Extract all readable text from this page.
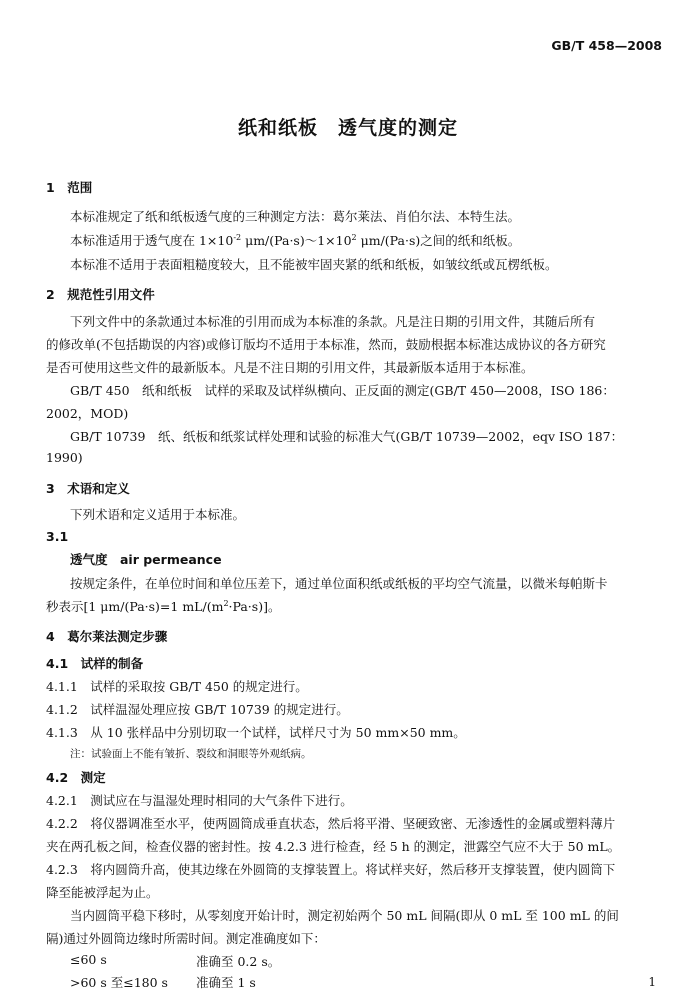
GB/T 458—2008
纸和纸板　透气度的测定
1　范围
本标准规定了纸和纸板透气度的三种测定方法：葛尔莱法、肖伯尔法、本特生法。
本标准适用于透气度在 $1\times 10^{-2}$ $\mu m/(Pa\cdot s)\sim 1\times 10^2$ μm/(Pa·s)之间的纸和纸板。
本标准不适用于表面粗糙度较大，且不能被牢固夹紧的纸和纸板，如皱纹纸或瓦楞纸板。
2　规范性引用文件
下列文件中的条款通过本标准的引用而成为本标准的条款。凡是注日期的引用文件，其随后所有
的修改单(不包括勘误的内容)或修订版均不适用于本标准，然而，鼓励根据本标准达成协议的各方研究
是否可使用这些文件的最新版本。凡是不注日期的引用文件，其最新版本适用于本标准。
GB/T 450　纸和纸板　试样的采取及试样纵横向、正反面的测定(GB/T 450—2008，ISO 186：
2002，MOD)
GB/T 10739　纸、纸板和纸浆试样处理和试验的标准大气(GB/T 10739—2002，eqv ISO 187：
1990)
3　术语和定义
下列术语和定义适用于本标准。
3.1
透气度　air permeance
按规定条件，在单位时间和单位压差下，通过单位面积纸或纸板的平均空气流量，以微米每帕斯卡
秒表示[1 μm/(Pa·s)=1 $mL/(m^2\cdot Pa\cdot s)$]。
4　葛尔莱法测定步骤
4.1　试样的制备
4.1.1　试样的采取按 GB/T 450 的规定进行。
4.1.2　试样温湿处理应按 GB/T 10739 的规定进行。
4.1.3　从 10 张样品中分别切取一个试样，试样尺寸为 50 mm×50 mm。
注：试验面上不能有皱折、裂纹和洞眼等外观纸病。
4.2　测定
4.2.1　测试应在与温湿处理时相同的大气条件下进行。
4.2.2　将仪器调准至水平，使两圆筒成垂直状态，然后将平滑、坚硬致密、无渗透性的金属或塑料薄片
夹在两孔板之间，检查仪器的密封性。按 4.2.3 进行检查，经 5 h 的测定，泄露空气应不大于 50 mL。
4.2.3　将内圆筒升高，使其边缘在外圆筒的支撑装置上。将试样夹好，然后移开支撑装置，使内圆筒下
降至能被浮起为止。
当内圆筒平稳下移时，从零刻度开始计时，测定初始两个 50 mL 间隔(即从 0 mL 至 100 mL 的间
隔)通过外圆筒边缘时所需时间。测定准确度如下：
≤60 s	准确至 0.2 s。
>60 s 至≤180 s 准确至 1 s	1
